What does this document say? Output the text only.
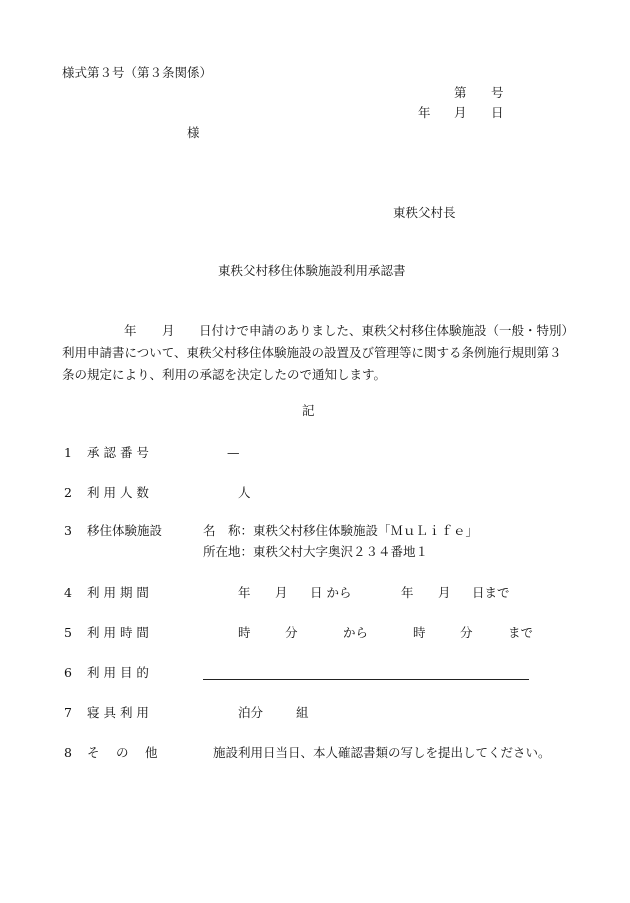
様式第３号（第３条関係）
第 号
年 月 日
様
東秩父村長
東秩父村移住体験施設利用承認書
年 月 日付けで申請のありました、東秩父村移住体験施設（一般・特別）
利用申請書について、東秩父村移住体験施設の設置及び管理等に関する条例施行規則第３
条の規定により、利用の承認を決定したので通知します。
記
1 承 認 番 号	—
2 利 用 人 数	人
3 移住体験施設	名　称：東秩父村移住体験施設「ＭｕＬｉｆｅ」
所在地：東秩父村大字奥沢２３４番地１
4 利 用 期 間	年 月 日 から	年 月 日まで
5 利 用 時 間	時	分	から	時	分	まで
6 利 用 目 的
7 寝 具 利 用	泊分	組
8 そ　 の　 他	施設利用日当日、本人確認書類の写しを提出してください。
